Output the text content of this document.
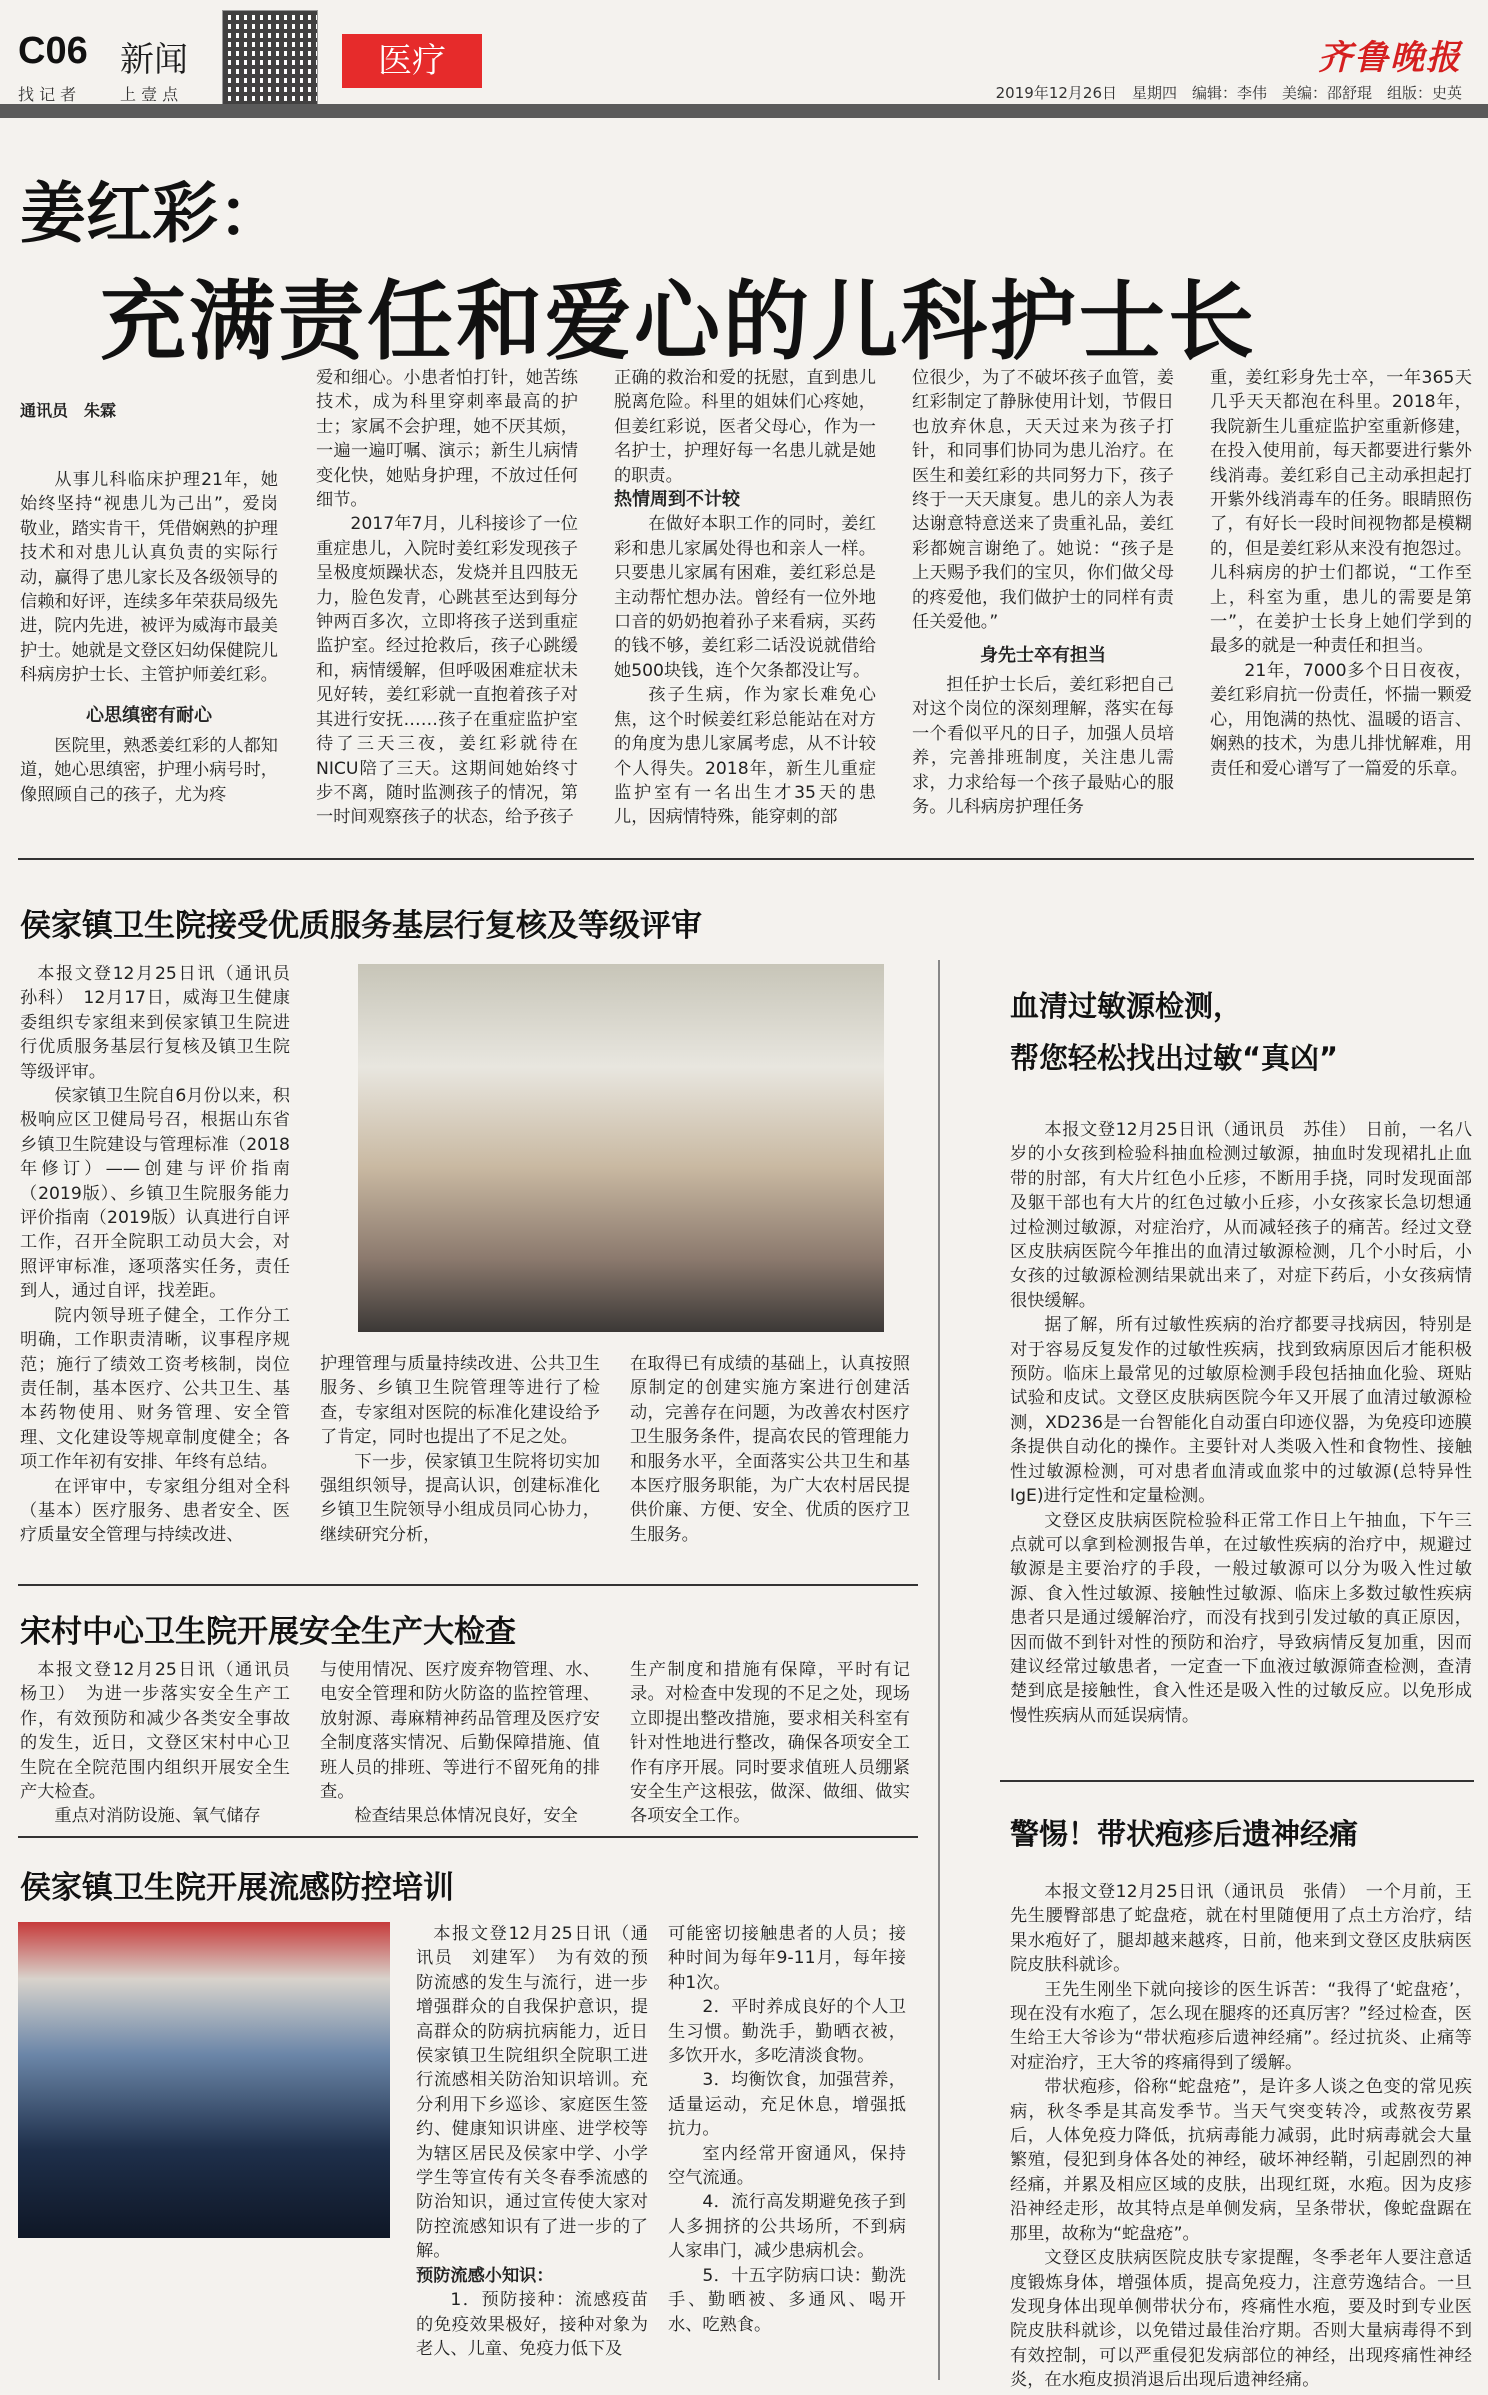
C06 新闻
找 记 者	上 壹 点
医疗	齐鲁晚报
2019年12月26日　星期四　编辑：李伟　美编：邵舒琨　组版：史英
姜红彩：
充满责任和爱心的儿科护士长
通讯员　朱霖

从事儿科临床护理21年，她始终坚持“视患儿为己出”，爱岗敬业，踏实肯干，凭借娴熟的护理技术和对患儿认真负责的实际行动，赢得了患儿家长及各级领导的信赖和好评，连续多年荣获局级先进，院内先进，被评为威海市最美护士。她就是文登区妇幼保健院儿科病房护士长、主管护师姜红彩。

心思缜密有耐心

医院里，熟悉姜红彩的人都知道，她心思缜密，护理小病号时，像照顾自己的孩子，尤为疼

爱和细心。小患者怕打针，她苦练技术，成为科里穿刺率最高的护士；家属不会护理，她不厌其烦，一遍一遍叮嘱、演示；新生儿病情变化快，她贴身护理，不放过任何细节。

2017年7月，儿科接诊了一位重症患儿，入院时姜红彩发现孩子呈极度烦躁状态，发烧并且四肢无力，脸色发青，心跳甚至达到每分钟两百多次，立即将孩子送到重症监护室。经过抢救后，孩子心跳缓和，病情缓解，但呼吸困难症状未见好转，姜红彩就一直抱着孩子对其进行安抚……孩子在重症监护室待了三天三夜，姜红彩就待在NICU陪了三天。这期间她始终寸步不离，随时监测孩子的情况，第一时间观察孩子的状态，给予孩子

正确的救治和爱的抚慰，直到患儿脱离危险。科里的姐妹们心疼她，但姜红彩说，医者父母心，作为一名护士，护理好每一名患儿就是她的职责。

热情周到不计较

在做好本职工作的同时，姜红彩和患儿家属处得也和亲人一样。只要患儿家属有困难，姜红彩总是主动帮忙想办法。曾经有一位外地口音的奶奶抱着孙子来看病，买药的钱不够，姜红彩二话没说就借给她500块钱，连个欠条都没让写。

孩子生病，作为家长难免心焦，这个时候姜红彩总能站在对方的角度为患儿家属考虑，从不计较个人得失。2018年，新生儿重症监护室有一名出生才35天的患儿，因病情特殊，能穿刺的部

位很少，为了不破坏孩子血管，姜红彩制定了静脉使用计划，节假日也放弃休息，天天过来为孩子打针，和同事们协同为患儿治疗。在医生和姜红彩的共同努力下，孩子终于一天天康复。患儿的亲人为表达谢意特意送来了贵重礼品，姜红彩都婉言谢绝了。她说：“孩子是上天赐予我们的宝贝，你们做父母的疼爱他，我们做护士的同样有责任关爱他。”

身先士卒有担当

担任护士长后，姜红彩把自己对这个岗位的深刻理解，落实在每一个看似平凡的日子，加强人员培养，完善排班制度，关注患儿需求，力求给每一个孩子最贴心的服务。儿科病房护理任务

重，姜红彩身先士卒，一年365天几乎天天都泡在科里。2018年，我院新生儿重症监护室重新修建，在投入使用前，每天都要进行紫外线消毒。姜红彩自己主动承担起打开紫外线消毒车的任务。眼睛照伤了，有好长一段时间视物都是模糊的，但是姜红彩从来没有抱怨过。儿科病房的护士们都说，“工作至上，科室为重，患儿的需要是第一”，在姜护士长身上她们学到的最多的就是一种责任和担当。

21年，7000多个日日夜夜，姜红彩肩抗一份责任，怀揣一颗爱心，用饱满的热忱、温暖的语言、娴熟的技术，为患儿排忧解难，用责任和爱心谱写了一篇爱的乐章。

侯家镇卫生院接受优质服务基层行复核及等级评审

本报文登12月25日讯（通讯员　孙科）　12月17日，威海卫生健康委组织专家组来到侯家镇卫生院进行优质服务基层行复核及镇卫生院等级评审。

侯家镇卫生院自6月份以来，积极响应区卫健局号召，根据山东省乡镇卫生院建设与管理标准（2018年修订）——创建与评价指南（2019版）、乡镇卫生院服务能力评价指南（2019版）认真进行自评工作，召开全院职工动员大会，对照评审标准，逐项落实任务，责任到人，通过自评，找差距。

院内领导班子健全，工作分工明确，工作职责清晰，议事程序规范；施行了绩效工资考核制，岗位责任制，基本医疗、公共卫生、基本药物使用、财务管理、安全管理、文化建设等规章制度健全；各项工作年初有安排、年终有总结。

在评审中，专家组分组对全科（基本）医疗服务、患者安全、医疗质量安全管理与持续改进、

护理管理与质量持续改进、公共卫生服务、乡镇卫生院管理等进行了检查，专家组对医院的标准化建设给予了肯定，同时也提出了不足之处。

下一步，侯家镇卫生院将切实加强组织领导，提高认识，创建标准化乡镇卫生院领导小组成员同心协力，继续研究分析，

在取得已有成绩的基础上，认真按照原制定的创建实施方案进行创建活动，完善存在问题，为改善农村医疗卫生服务条件，提高农民的管理能力和服务水平，全面落实公共卫生和基本医疗服务职能，为广大农村居民提供价廉、方便、安全、优质的医疗卫生服务。

宋村中心卫生院开展安全生产大检查

本报文登12月25日讯（通讯员　杨卫）　为进一步落实安全生产工作，有效预防和减少各类安全事故的发生，近日，文登区宋村中心卫生院在全院范围内组织开展安全生产大检查。

重点对消防设施、氧气储存

与使用情况、医疗废弃物管理、水、电安全管理和防火防盗的监控管理、放射源、毒麻精神药品管理及医疗安全制度落实情况、后勤保障措施、值班人员的排班、等进行不留死角的排查。

检查结果总体情况良好，安全

生产制度和措施有保障，平时有记录。对检查中发现的不足之处，现场立即提出整改措施，要求相关科室有针对性地进行整改，确保各项安全工作有序开展。同时要求值班人员绷紧安全生产这根弦，做深、做细、做实各项安全工作。

侯家镇卫生院开展流感防控培训

本报文登12月25日讯（通讯员　刘建军）　为有效的预防流感的发生与流行，进一步增强群众的自我保护意识，提高群众的防病抗病能力，近日侯家镇卫生院组织全院职工进行流感相关防治知识培训。充分利用下乡巡诊、家庭医生签约、健康知识讲座、进学校等为辖区居民及侯家中学、小学学生等宣传有关冬春季流感的防治知识，通过宣传使大家对防控流感知识有了进一步的了解。

预防流感小知识：

1．预防接种：流感疫苗的免疫效果极好，接种对象为老人、儿童、免疫力低下及

可能密切接触患者的人员；接种时间为每年9-11月，每年接种1次。

2．平时养成良好的个人卫生习惯。勤洗手，勤晒衣被，多饮开水，多吃清淡食物。

3．均衡饮食，加强营养，适量运动，充足休息，增强抵抗力。

室内经常开窗通风，保持空气流通。

4．流行高发期避免孩子到人多拥挤的公共场所，不到病人家串门，减少患病机会。

5．十五字防病口诀：勤洗手、勤晒被、多通风、喝开水、吃熟食。

血清过敏源检测，
帮您轻松找出过敏“真凶”

本报文登12月25日讯（通讯员　苏佳）　日前，一名八岁的小女孩到检验科抽血检测过敏源，抽血时发现裙扎止血带的肘部，有大片红色小丘疹，不断用手挠，同时发现面部及躯干部也有大片的红色过敏小丘疹，小女孩家长急切想通过检测过敏源，对症治疗，从而减轻孩子的痛苦。经过文登区皮肤病医院今年推出的血清过敏源检测，几个小时后，小女孩的过敏源检测结果就出来了，对症下药后，小女孩病情很快缓解。

据了解，所有过敏性疾病的治疗都要寻找病因，特别是对于容易反复发作的过敏性疾病，找到致病原因后才能积极预防。临床上最常见的过敏原检测手段包括抽血化验、斑贴试验和皮试。文登区皮肤病医院今年又开展了血清过敏源检测，XD236是一台智能化自动蛋白印迹仪器，为免疫印迹膜条提供自动化的操作。主要针对人类吸入性和食物性、接触性过敏源检测，可对患者血清或血浆中的过敏源(总特异性IgE)进行定性和定量检测。

文登区皮肤病医院检验科正常工作日上午抽血，下午三点就可以拿到检测报告单，在过敏性疾病的治疗中，规避过敏源是主要治疗的手段，一般过敏源可以分为吸入性过敏源、食入性过敏源、接触性过敏源、临床上多数过敏性疾病患者只是通过缓解治疗，而没有找到引发过敏的真正原因，因而做不到针对性的预防和治疗，导致病情反复加重，因而建议经常过敏患者，一定查一下血液过敏源筛查检测，查清楚到底是接触性，食入性还是吸入性的过敏反应。以免形成慢性疾病从而延误病情。

警惕！带状疱疹后遗神经痛

本报文登12月25日讯（通讯员　张倩）　一个月前，王先生腰臀部患了蛇盘疮，就在村里随便用了点土方治疗，结果水疱好了，腿却越来越疼，日前，他来到文登区皮肤病医院皮肤科就诊。

王先生刚坐下就向接诊的医生诉苦：“我得了‘蛇盘疮’，现在没有水疱了，怎么现在腿疼的还真厉害？”经过检查，医生给王大爷诊为“带状疱疹后遗神经痛”。经过抗炎、止痛等对症治疗，王大爷的疼痛得到了缓解。

带状疱疹，俗称“蛇盘疮”，是许多人谈之色变的常见疾病，秋冬季是其高发季节。当天气突变转冷，或熬夜劳累后，人体免疫力降低，抗病毒能力减弱，此时病毒就会大量繁殖，侵犯到身体各处的神经，破坏神经鞘，引起剧烈的神经痛，并累及相应区域的皮肤，出现红斑，水疱。因为皮疹沿神经走形，故其特点是单侧发病，呈条带状，像蛇盘踞在那里，故称为“蛇盘疮”。

文登区皮肤病医院皮肤专家提醒，冬季老年人要注意适度锻炼身体，增强体质，提高免疫力，注意劳逸结合。一旦发现身体出现单侧带状分布，疼痛性水疱，要及时到专业医院皮肤科就诊，以免错过最佳治疗期。否则大量病毒得不到有效控制，可以严重侵犯发病部位的神经，出现疼痛性神经炎，在水疱皮损消退后出现后遗神经痛。
